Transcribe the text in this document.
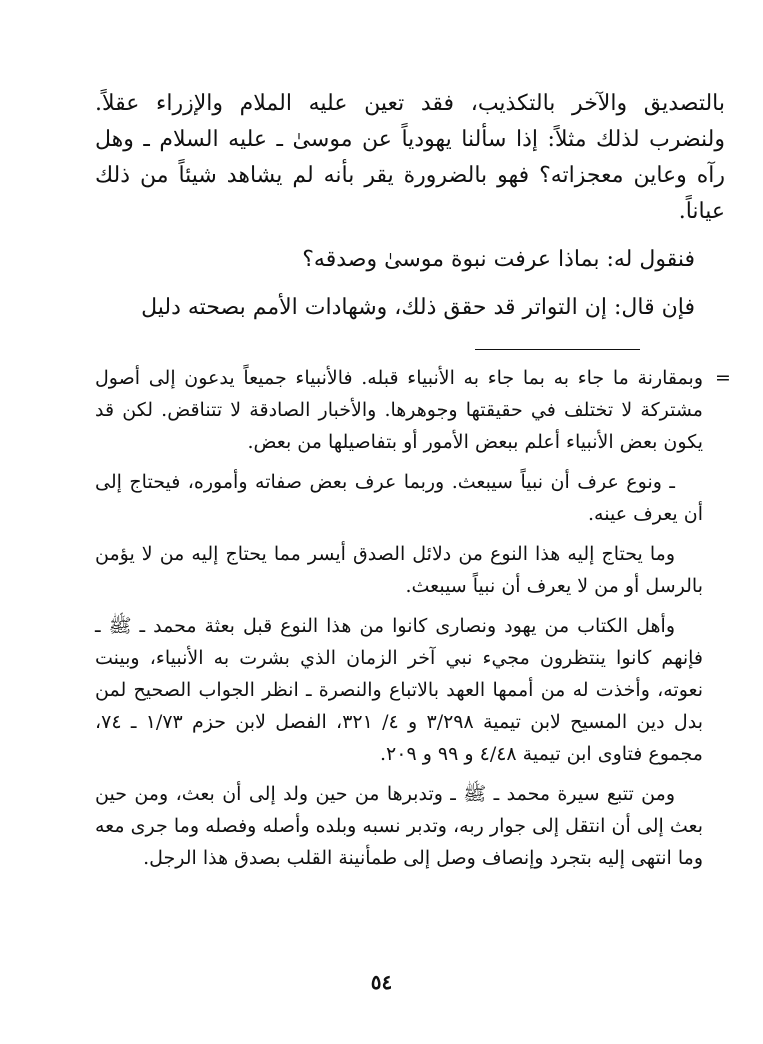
بالتصديق والآخر بالتكذيب، فقد تعين عليه الملام والإزراء عقلاً. ولنضرب لذلك مثلاً: إذا سألنا يهودياً عن موسىٰ ـ عليه السلام ـ وهل رآه وعاين معجزاته؟ فهو بالضرورة يقر بأنه لم يشاهد شيئاً من ذلك عياناً.

فنقول له: بماذا عرفت نبوة موسىٰ وصدقه؟

فإن قال: إن التواتر قد حقق ذلك، وشهادات الأمم بصحته دليل

=

وبمقارنة ما جاء به بما جاء به الأنبياء قبله. فالأنبياء جميعاً يدعون إلى أصول مشتركة لا تختلف في حقيقتها وجوهرها. والأخبار الصادقة لا تتناقض. لكن قد يكون بعض الأنبياء أعلم ببعض الأمور أو بتفاصيلها من بعض.

ـ ونوع عرف أن نبياً سيبعث. وربما عرف بعض صفاته وأموره، فيحتاج إلى أن يعرف عينه.

وما يحتاج إليه هذا النوع من دلائل الصدق أيسر مما يحتاج إليه من لا يؤمن بالرسل أو من لا يعرف أن نبياً سيبعث.

وأهل الكتاب من يهود ونصارى كانوا من هذا النوع قبل بعثة محمد ـ ﷺ ـ فإنهم كانوا ينتظرون مجيء نبي آخر الزمان الذي بشرت به الأنبياء، وبينت نعوته، وأخذت له من أممها العهد بالاتباع والنصرة ـ انظر الجواب الصحيح لمن بدل دين المسيح لابن تيمية ٣/٢٩٨ و ٤/ ٣٢١، الفصل لابن حزم ١/٧٣ ـ ٧٤، مجموع فتاوى ابن تيمية ٤/٤٨ و ٩٩ و ٢٠٩.

ومن تتبع سيرة محمد ـ ﷺ ـ وتدبرها من حين ولد إلى أن بعث، ومن حين بعث إلى أن انتقل إلى جوار ربه، وتدبر نسبه وبلده وأصله وفصله وما جرى معه وما انتهى إليه بتجرد وإنصاف وصل إلى طمأنينة القلب بصدق هذا الرجل.

٥٤
